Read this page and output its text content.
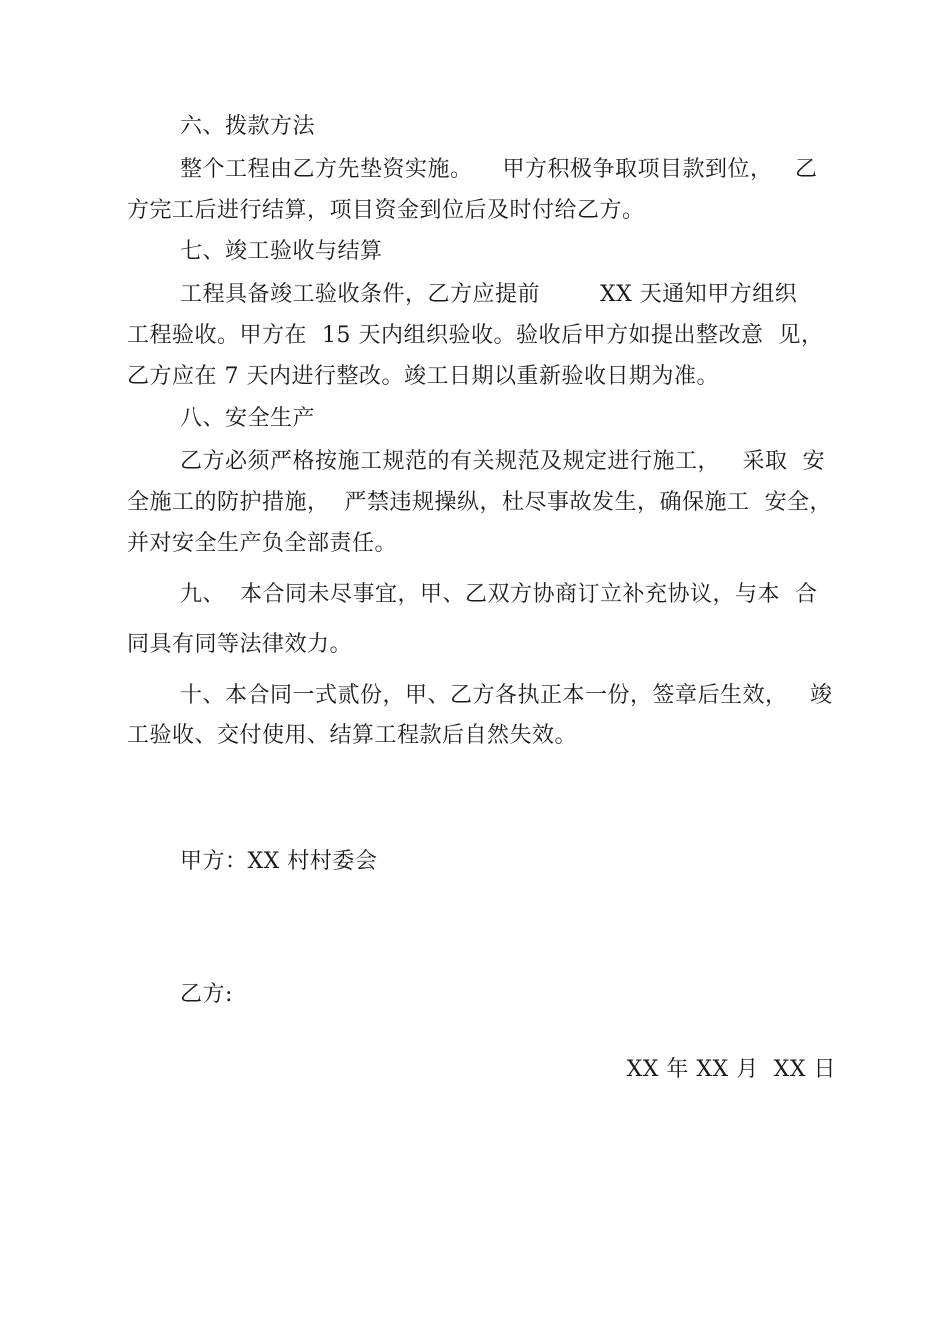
六、拨款方法
整个工程由乙方先垫资实施。    甲方积极争取项目款到位，   乙
方完工后进行结算，项目资金到位后及时付给乙方。
七、竣工验收与结算
工程具备竣工验收条件，乙方应提前        XX 天通知甲方组织
工程验收。甲方在  15 天内组织验收。验收后甲方如提出整改意  见，
乙方应在 7 天内进行整改。竣工日期以重新验收日期为准。
八、安全生产
乙方必须严格按施工规范的有关规范及规定进行施工，   采取  安
全施工的防护措施，  严禁违规操纵，杜尽事故发生，确保施工  安全，
并对安全生产负全部责任。
九、  本合同未尽事宜，甲、乙双方协商订立补充协议，与本  合
同具有同等法律效力。
十、本合同一式贰份，甲、乙方各执正本一份，签章后生效，   竣
工验收、交付使用、结算工程款后自然失效。
甲方：XX 村村委会
乙方:
XX 年 XX 月  XX 日
